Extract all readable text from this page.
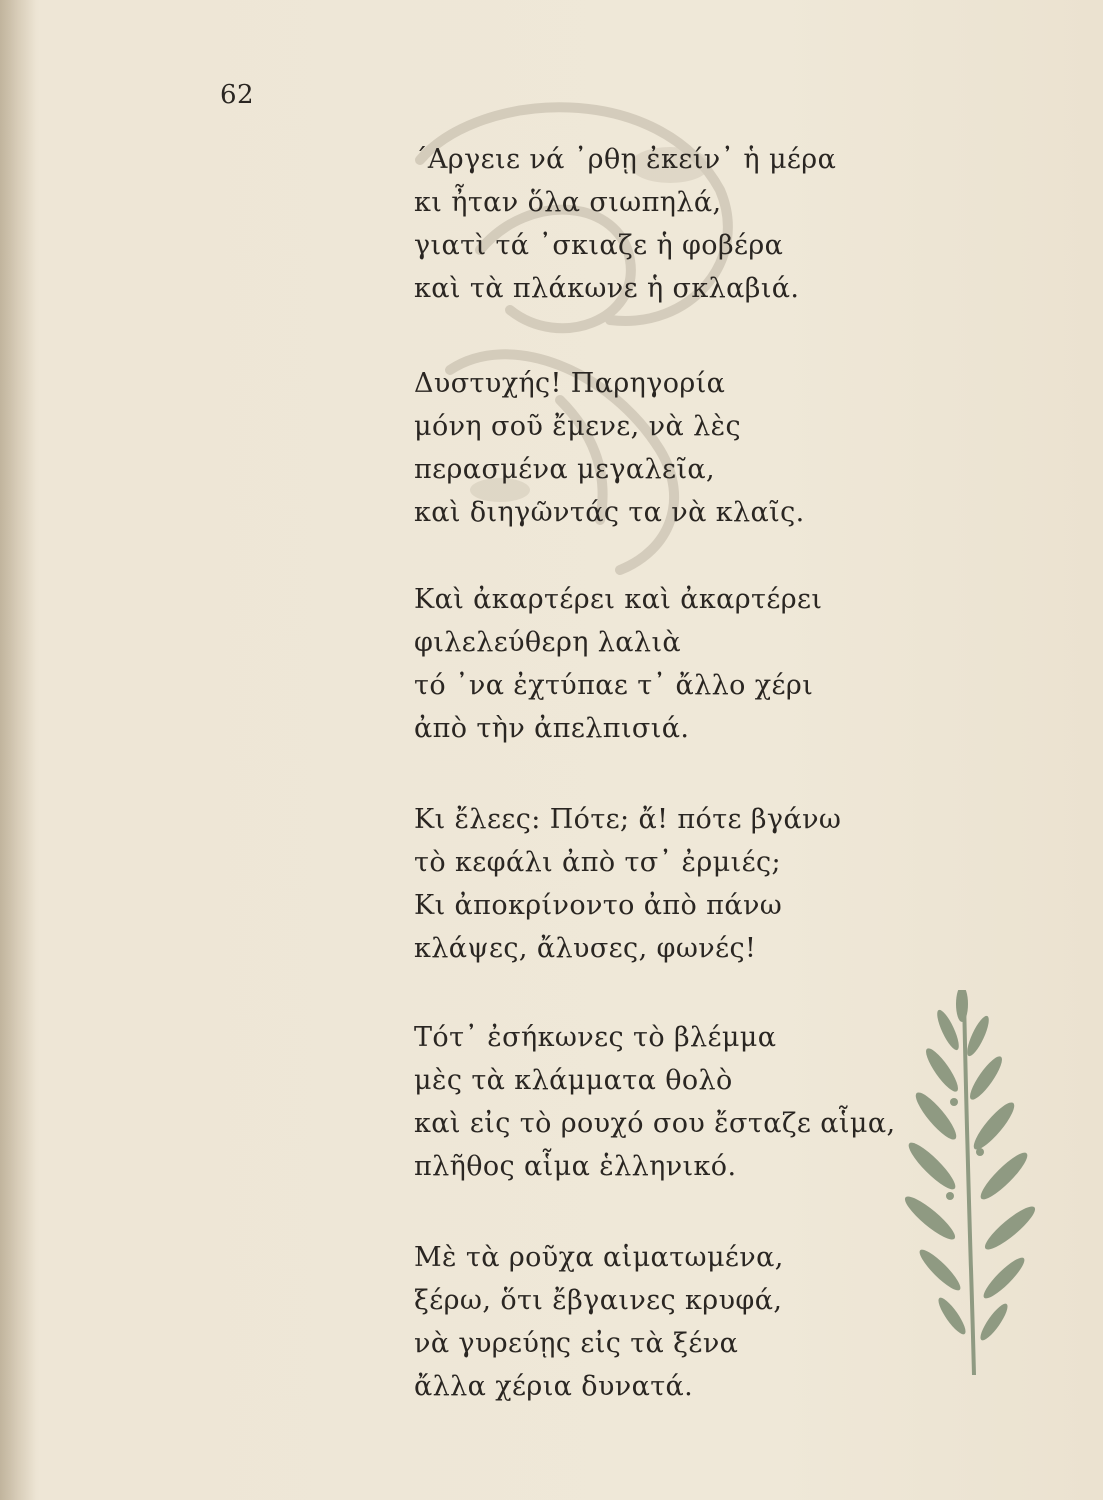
62
΄Αργειε νά ᾿ρθῃ ἐκείν᾿ ἡ μέρα
κι ἦταν ὅλα σιωπηλά,
γιατὶ τά ᾿σκιαζε ἡ φοβέρα
καὶ τὰ πλάκωνε ἡ σκλαβιά.
Δυστυχής! Παρηγορία
μόνη σοῦ ἔμενε, νὰ λὲς
περασμένα μεγαλεῖα,
καὶ διηγῶντάς τα νὰ κλαῖς.
Καὶ ἀκαρτέρει καὶ ἀκαρτέρει
φιλελεύθερη λαλιὰ
τό ᾿να ἐχτύπαε τ᾿ ἄλλο χέρι
ἀπὸ τὴν ἀπελπισιά.
Κι ἔλεες: Πότε; ἄ! πότε βγάνω
τὸ κεφάλι ἀπὸ τσ᾿ ἐρμιές;
Κι ἀποκρίνοντο ἀπὸ πάνω
κλάψες, ἄλυσες, φωνές!
Τότ᾿ ἐσήκωνες τὸ βλέμμα
μὲς τὰ κλάμματα θολὸ
καὶ εἰς τὸ ρουχό σου ἔσταζε αἷμα,
πλῆθος αἷμα ἑλληνικό.
Μὲ τὰ ροῦχα αἱματωμένα,
ξέρω, ὅτι ἔβγαινες κρυφά,
νὰ γυρεύῃς εἰς τὰ ξένα
ἄλλα χέρια δυνατά.
